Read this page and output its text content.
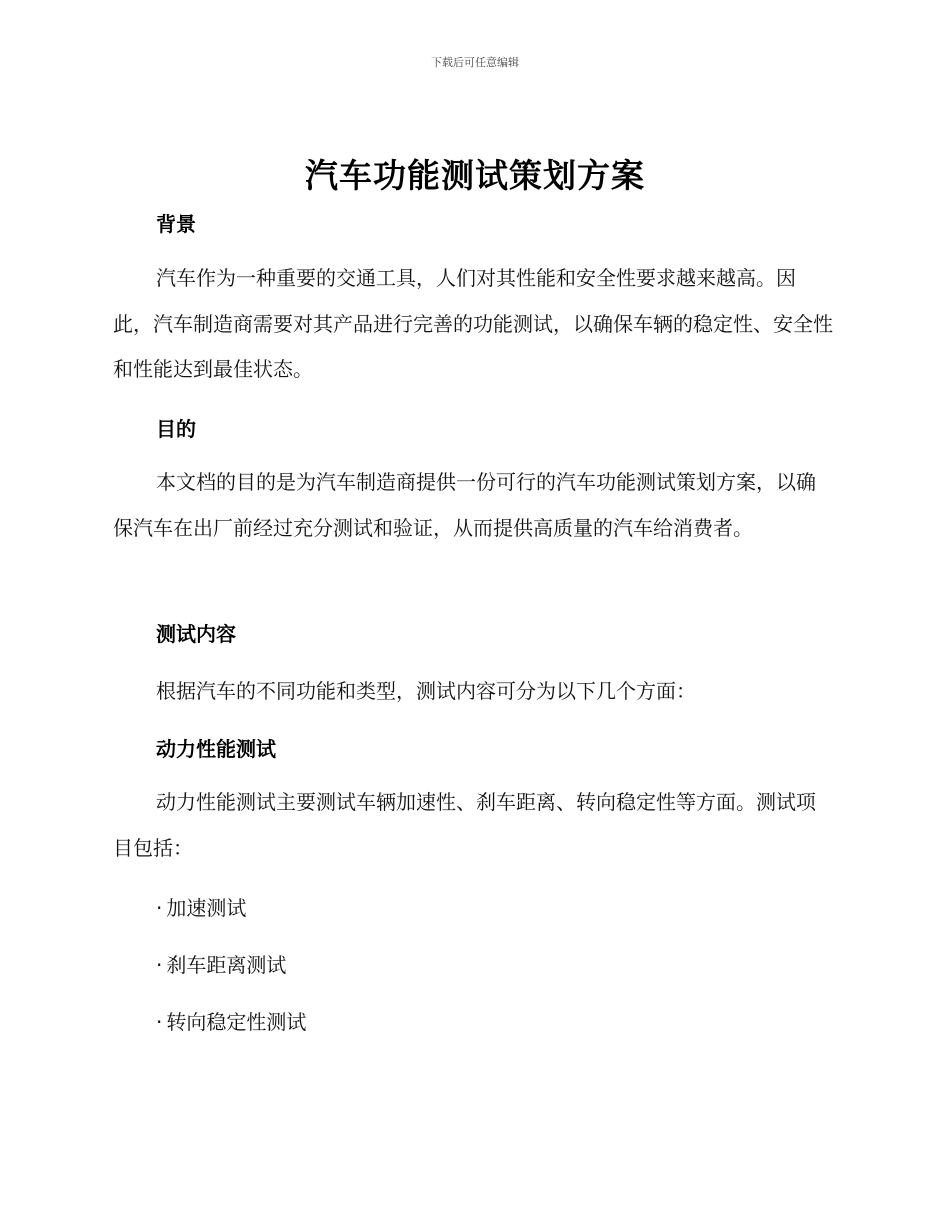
下载后可任意编辑
汽车功能测试策划方案
背景

汽车作为一种重要的交通工具，人们对其性能和安全性要求越来越高。因此，汽车制造商需要对其产品进行完善的功能测试，以确保车辆的稳定性、安全性和性能达到最佳状态。

目的

本文档的目的是为汽车制造商提供一份可行的汽车功能测试策划方案，以确保汽车在出厂前经过充分测试和验证，从而提供高质量的汽车给消费者。

测试内容

根据汽车的不同功能和类型，测试内容可分为以下几个方面：

动力性能测试

动力性能测试主要测试车辆加速性、刹车距离、转向稳定性等方面。测试项目包括：

· 加速测试

· 刹车距离测试

· 转向稳定性测试
